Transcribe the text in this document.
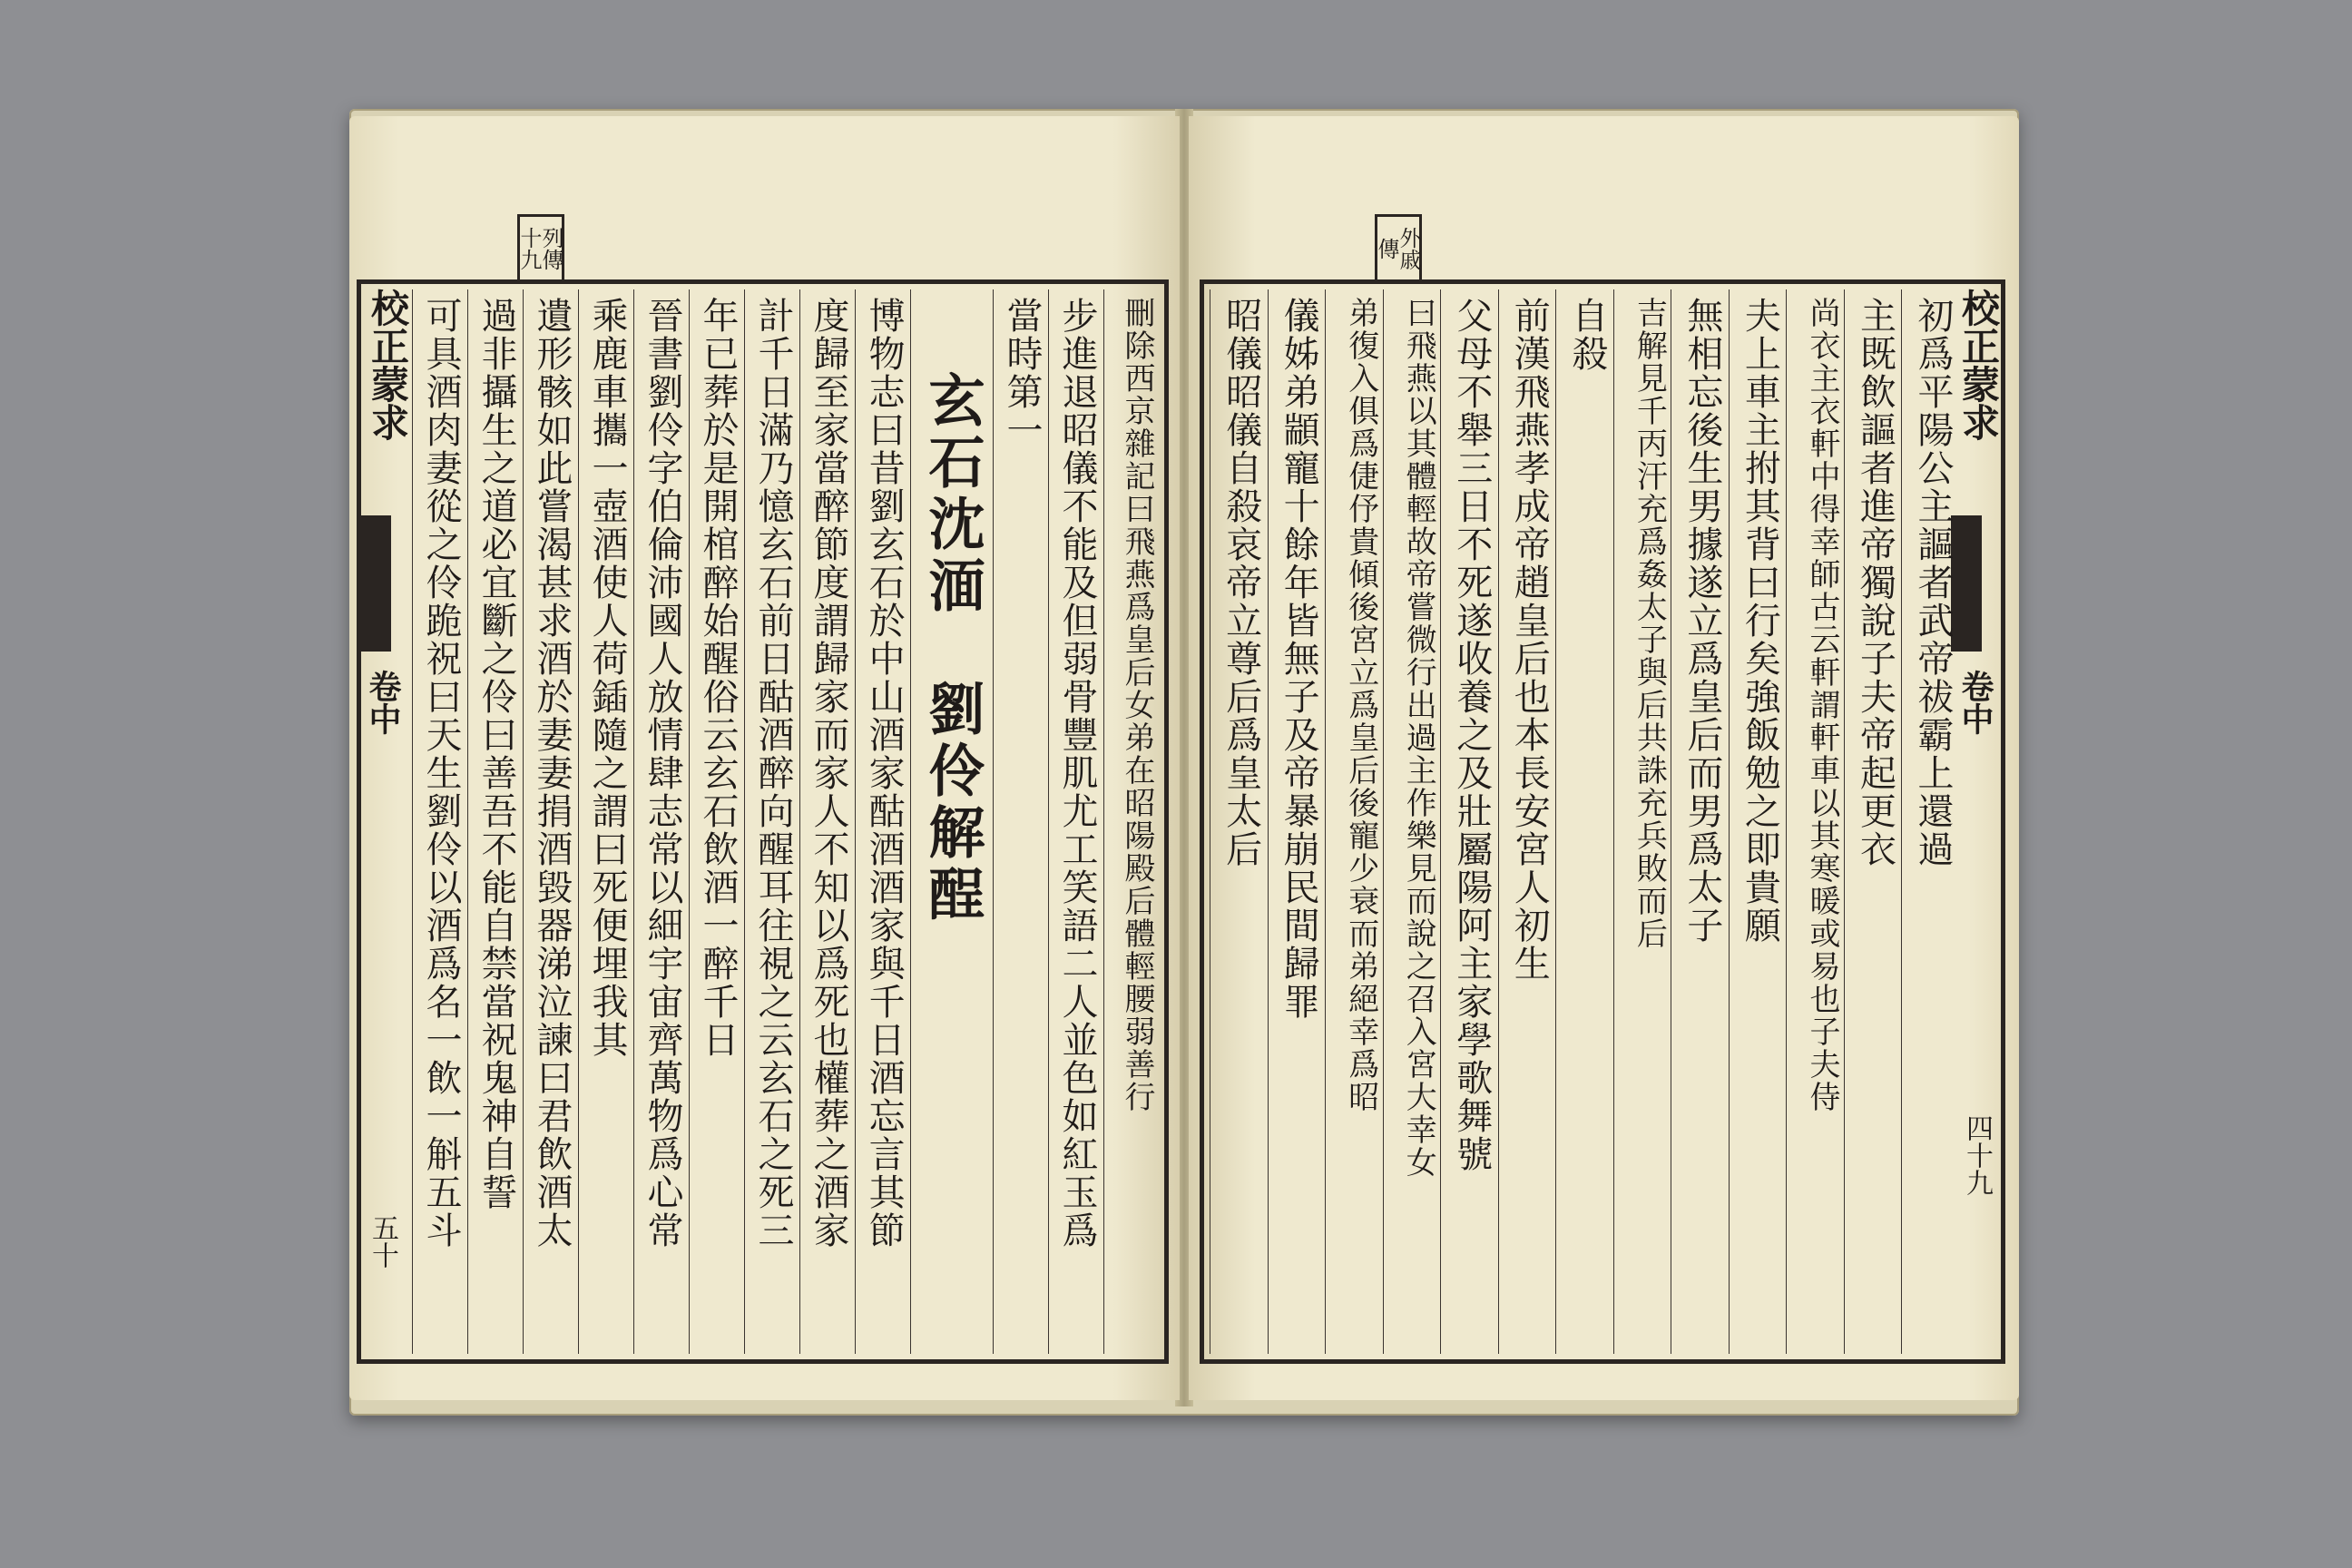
列傳十九
校正蒙求
卷中
五十
刪除西京雜記曰飛燕爲皇后女弟在昭陽殿后體輕腰弱善行
步進退昭儀不能及但弱骨豐肌尤工笑語二人並色如紅玉爲
當時第一
玄石沈湎　劉伶解酲
博物志曰昔劉玄石於中山酒家酤酒酒家與千日酒忘言其節
度歸至家當醉節度謂歸家而家人不知以爲死也權葬之酒家
計千日滿乃憶玄石前日酤酒醉向醒耳往視之云玄石之死三
年已葬於是開棺醉始醒俗云玄石飲酒一醉千日
晉書劉伶字伯倫沛國人放情肆志常以細宇宙齊萬物爲心常
乘鹿車攜一壺酒使人荷鍤隨之謂曰死便埋我其
遺形骸如此嘗渴甚求酒於妻妻捐酒毀器涕泣諫曰君飲酒太
過非攝生之道必宜斷之伶曰善吾不能自禁當祝鬼神自誓
可具酒肉妻從之伶跪祝曰天生劉伶以酒爲名一飲一斛五斗
外戚傳
校正蒙求
卷中
四十九
初爲平陽公主謳者武帝祓霸上還過
主既飲謳者進帝獨說子夫帝起更衣
尚衣主衣軒中得幸師古云軒謂軒車以其寒暖或易也子夫侍
夫上車主拊其背曰行矣強飯勉之即貴願
無相忘後生男據遂立爲皇后而男爲太子
吉解見千丙汗充爲姦太子與后共誅充兵敗而后
自殺
前漢飛燕孝成帝趙皇后也本長安宮人初生
父母不舉三日不死遂收養之及壯屬陽阿主家學歌舞號
曰飛燕以其體輕故帝嘗微行出過主作樂見而說之召入宮大幸女
弟復入俱爲倢伃貴傾後宮立爲皇后後寵少衰而弟絕幸爲昭
儀姊弟顓寵十餘年皆無子及帝暴崩民間歸罪
昭儀昭儀自殺哀帝立尊后爲皇太后
